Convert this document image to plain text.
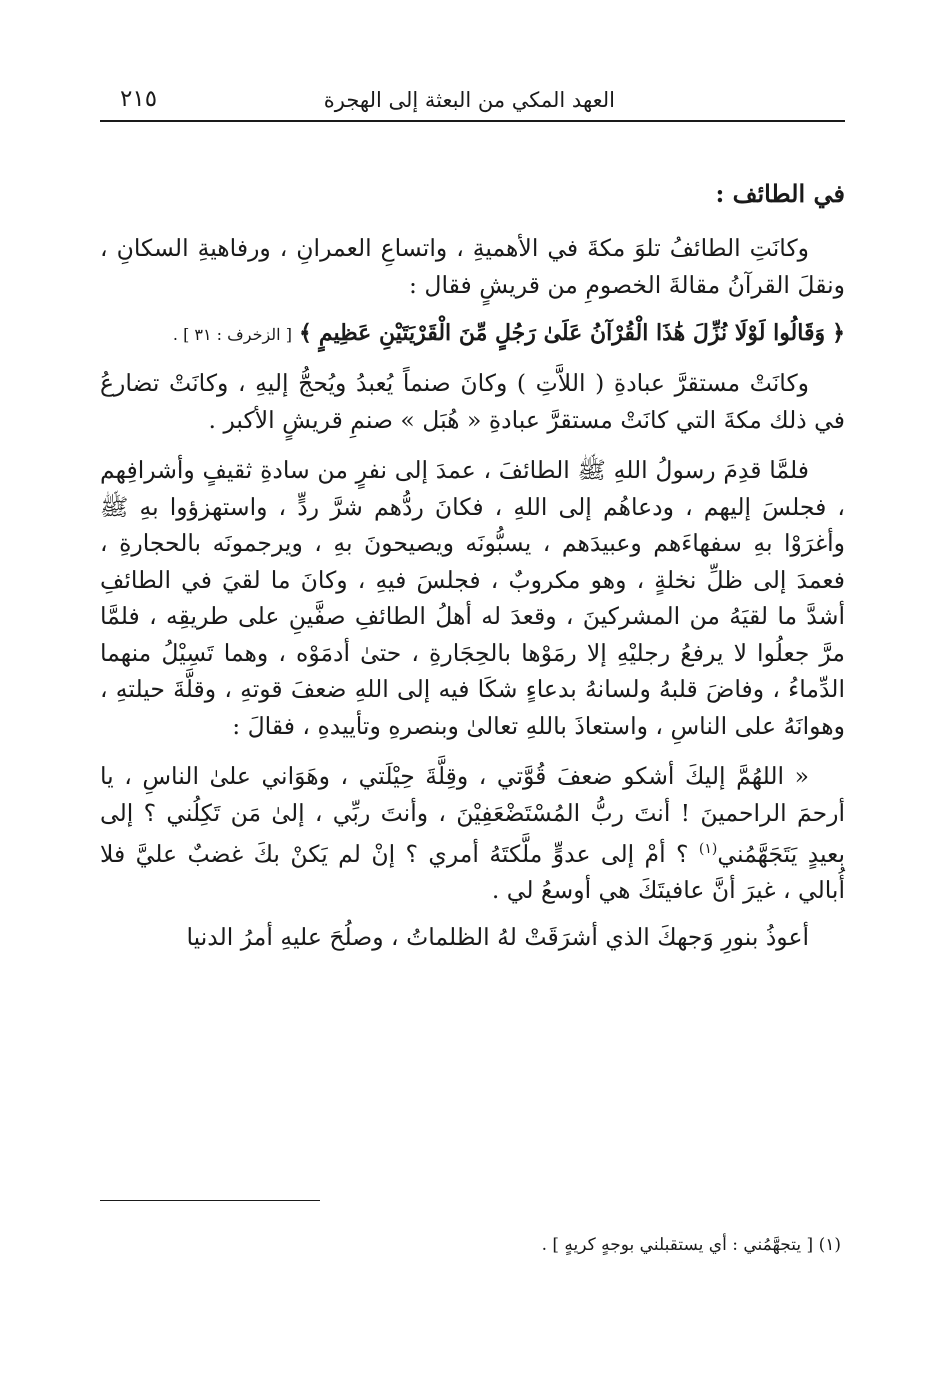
العهد المكي من البعثة إلى الهجرة
٢١٥
في الطائف :

وكانَتِ الطائفُ تلوَ مكةَ في الأهميةِ ، واتساعِ العمرانِ ، ورفاهيةِ السكانِ ، ونقلَ القرآنُ مقالةَ الخصومِ من قريشٍ فقال :

﴿ وَقَالُوا لَوْلَا نُزِّلَ هَٰذَا الْقُرْآنُ عَلَىٰ رَجُلٍ مِّنَ الْقَرْيَتَيْنِ عَظِيمٍ ﴾ [ الزخرف : ٣١ ] .

وكانَتْ مستقرَّ عبادةِ ( اللاَّتِ ) وكانَ صنماً يُعبدُ ويُحجُّ إليهِ ، وكانَتْ تضارعُ في ذلك مكةَ التي كانَتْ مستقرَّ عبادةِ « هُبَل » صنمِ قريشٍ الأكبر .

فلمَّا قدِمَ رسولُ اللهِ ﷺ الطائفَ ، عمدَ إلى نفرٍ من سادةِ ثقيفٍ وأشرافِهم ، فجلسَ إليهم ، ودعاهُم إلى اللهِ ، فكانَ ردُّهم شرَّ ردٍّ ، واستهزؤوا بهِ ﷺ وأغرَوْا بهِ سفهاءَهم وعبيدَهم ، يسبُّونَه ويصيحونَ بهِ ، ويرجمونَه بالحجارةِ ، فعمدَ إلى ظلِّ نخلةٍ ، وهو مكروبٌ ، فجلسَ فيهِ ، وكانَ ما لقيَ في الطائفِ أشدَّ ما لقيَهُ من المشركينَ ، وقعدَ له أهلُ الطائفِ صفَّينِ على طريقِه ، فلمَّا مرَّ جعلُوا لا يرفعُ رجليْهِ إلا رمَوْها بالحِجَارةِ ، حتىٰ أدمَوْه ، وهما تَسِيْلُ منهما الدِّماءُ ، وفاضَ قلبهُ ولسانهُ بدعاءٍ شكَا فيه إلى اللهِ ضعفَ قوتهِ ، وقلَّةَ حيلتهِ ، وهوانَهُ على الناسِ ، واستعاذَ باللهِ تعالىٰ وبنصرهِ وتأييدهِ ، فقالَ :

« اللهُمَّ إليكَ أشكو ضعفَ قُوَّتي ، وقِلَّةَ حِيْلَتي ، وهَوَاني علىٰ الناسِ ، يا أرحمَ الراحمينَ ! أنتَ ربُّ المُسْتَضْعَفِيْنَ ، وأنتَ ربِّي ، إلىٰ مَن تَكِلُني ؟ إلى بعيدٍ يَتَجَهَّمُني$^{(١)}$ ؟ أمْ إلى عدوٍّ ملَّكتَهُ أمري ؟ إنْ لم يَكنْ بكَ غضبٌ عليَّ فلا أُبالي ، غيرَ أنَّ عافيتَكَ هي أوسعُ لي .

أعوذُ بنورِ وَجهكَ الذي أشرَقَتْ لهُ الظلماتُ ، وصلُحَ عليهِ أمرُ الدنيا

(١) [ يتجهَّمُني : أي يستقبلني بوجهٍ كريهٍ ] .
